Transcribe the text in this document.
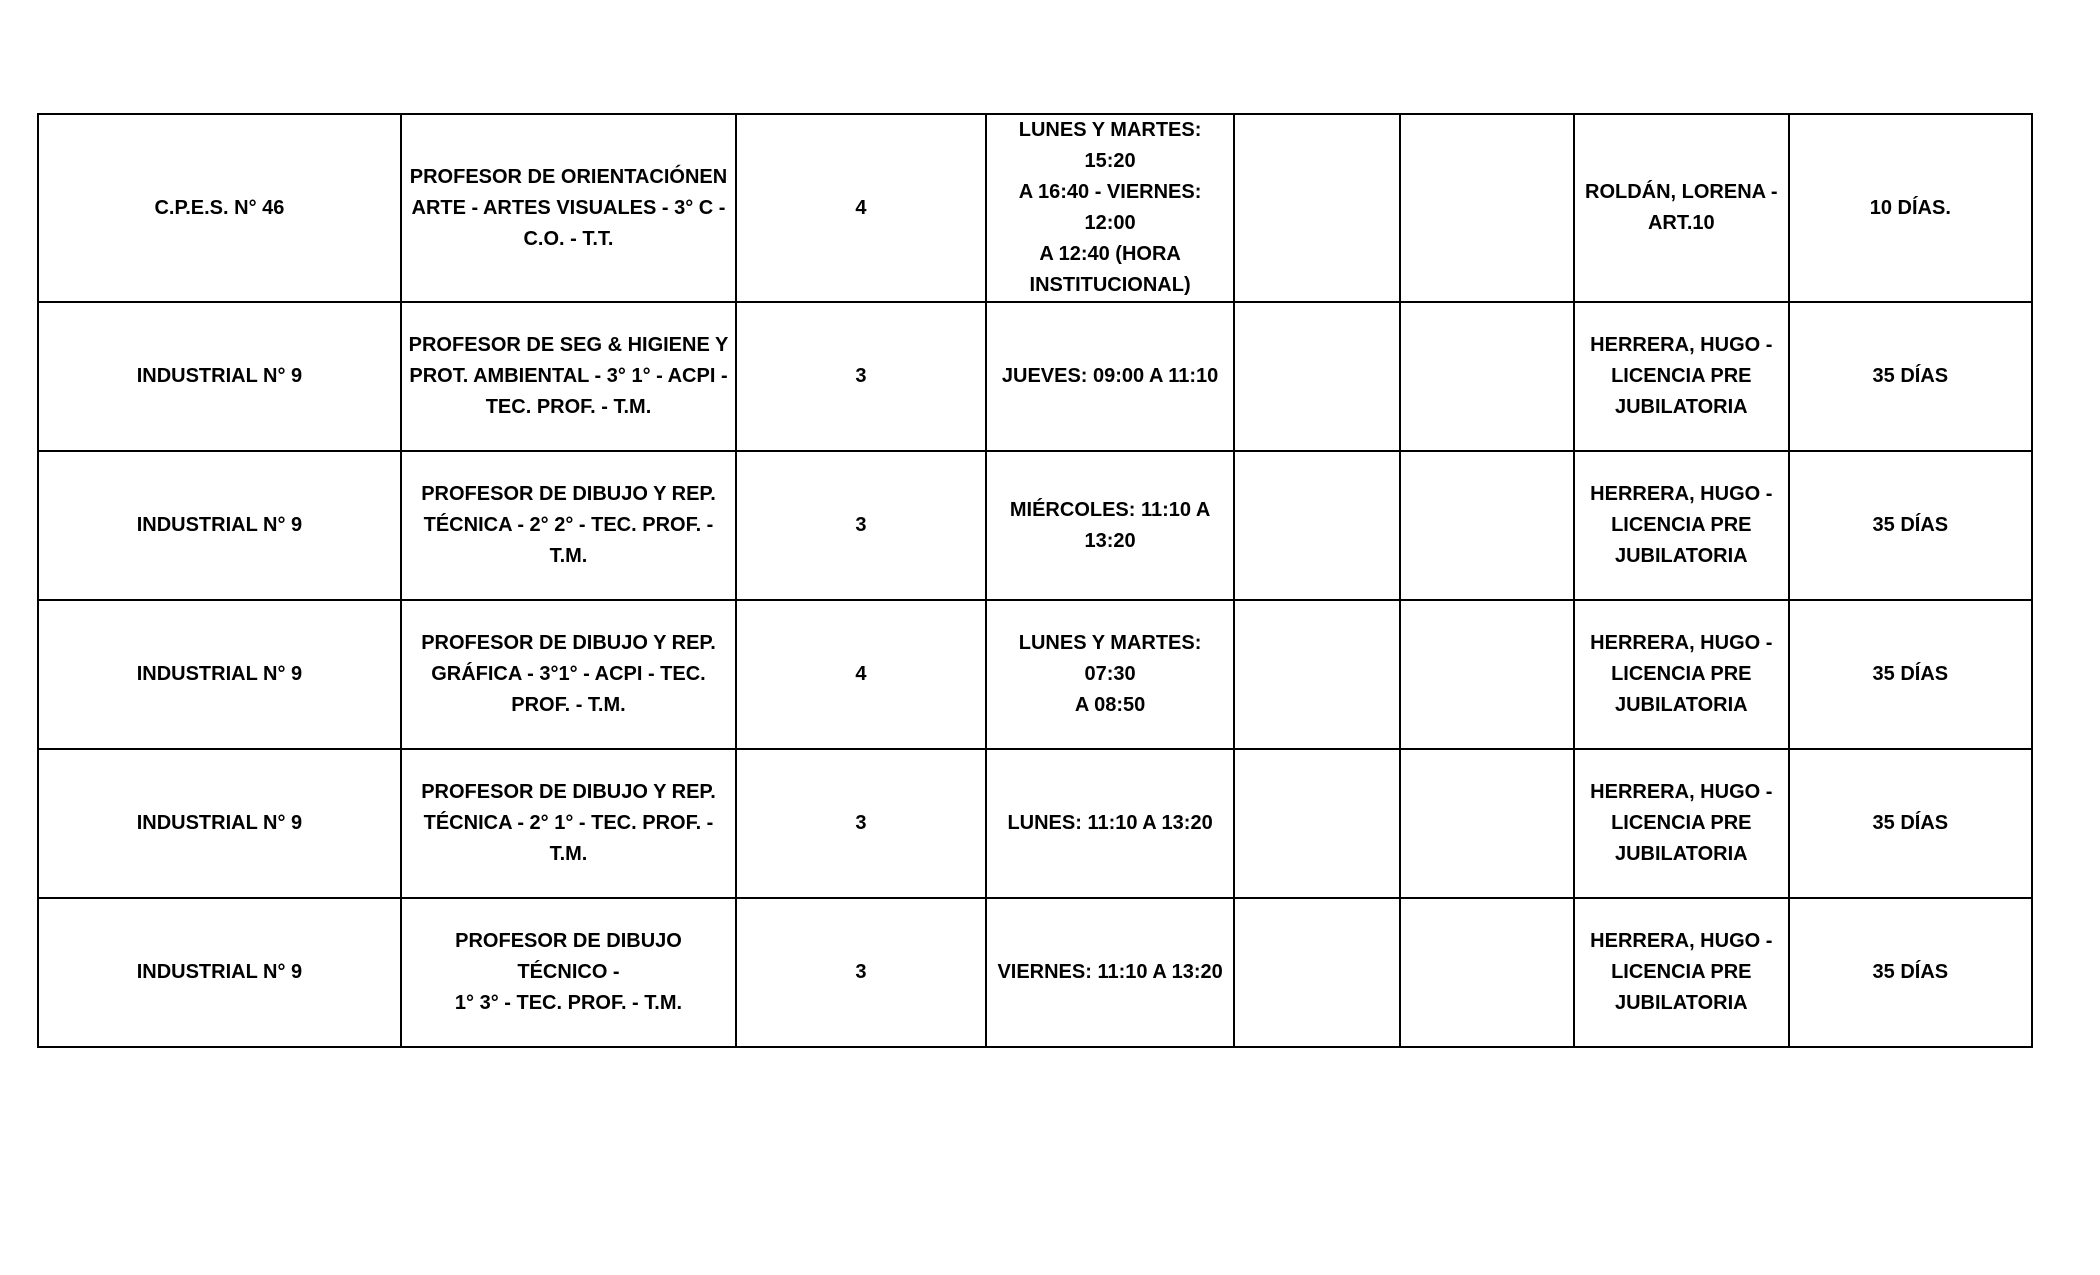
C.P.E.S. N° 46	PROFESOR DE ORIENTACIÓNEN
ARTE - ARTES VISUALES - 3° C -
C.O. - T.T.	4	LUNES Y MARTES: 15:20
A 16:40 - VIERNES: 12:00
A 12:40 (HORA
INSTITUCIONAL)			ROLDÁN, LORENA -
ART.10	10 DÍAS.
INDUSTRIAL N° 9	PROFESOR DE SEG & HIGIENE Y
PROT. AMBIENTAL - 3° 1° - ACPI -
TEC. PROF. - T.M.	3	JUEVES: 09:00 A 11:10			HERRERA, HUGO -
LICENCIA PRE
JUBILATORIA	35 DÍAS
INDUSTRIAL N° 9	PROFESOR DE DIBUJO Y REP.
TÉCNICA - 2° 2° - TEC. PROF. -
T.M.	3	MIÉRCOLES: 11:10 A
13:20			HERRERA, HUGO -
LICENCIA PRE
JUBILATORIA	35 DÍAS
INDUSTRIAL N° 9	PROFESOR DE DIBUJO Y REP.
GRÁFICA - 3°1° - ACPI - TEC.
PROF. - T.M.	4	LUNES Y MARTES: 07:30
A 08:50			HERRERA, HUGO -
LICENCIA PRE
JUBILATORIA	35 DÍAS
INDUSTRIAL N° 9	PROFESOR DE DIBUJO Y REP.
TÉCNICA - 2° 1° - TEC. PROF. -
T.M.	3	LUNES: 11:10 A 13:20			HERRERA, HUGO -
LICENCIA PRE
JUBILATORIA	35 DÍAS
INDUSTRIAL N° 9	PROFESOR DE DIBUJO TÉCNICO -
1° 3° - TEC. PROF. - T.M.	3	VIERNES: 11:10 A 13:20			HERRERA, HUGO -
LICENCIA PRE
JUBILATORIA	35 DÍAS
